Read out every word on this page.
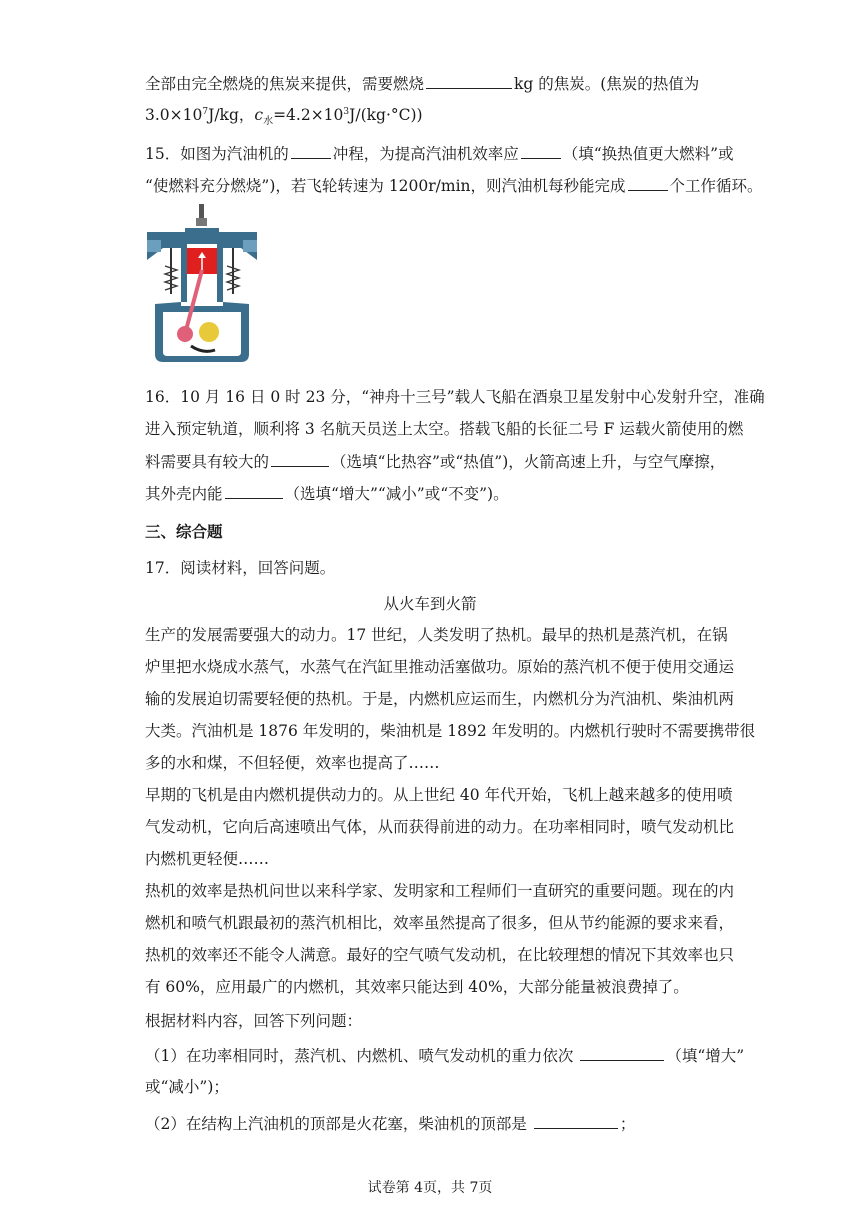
全部由完全燃烧的焦炭来提供，需要燃烧	kg 的焦炭。(焦炭的热值为
$3.0\times 10^7J/kg$，$c_水=4.2\times 10^3J/(kg\cdot^\circ C)$)
15．如图为汽油机的	冲程，为提高汽油机效率应	（填“换热值更大燃料”或
“使燃料充分燃烧”)，若飞轮转速为 1200r/min，则汽油机每秒能完成	个工作循环。
16．10 月 16 日 0 时 23 分，“神舟十三号”载人飞船在酒泉卫星发射中心发射升空，准确
进入预定轨道，顺利将 3 名航天员送上太空。搭载飞船的长征二号 F 运载火箭使用的燃
料需要具有较大的	（选填“比热容”或“热值”)，火箭高速上升，与空气摩擦，
其外壳内能	（选填“增大”“减小”或“不变”)。
三、综合题
17．阅读材料，回答问题。
从火车到火箭
生产的发展需要强大的动力。17 世纪，人类发明了热机。最早的热机是蒸汽机，在锅
炉里把水烧成水蒸气，水蒸气在汽缸里推动活塞做功。原始的蒸汽机不便于使用交通运
输的发展迫切需要轻便的热机。于是，内燃机应运而生，内燃机分为汽油机、柴油机两
大类。汽油机是 1876 年发明的，柴油机是 1892 年发明的。内燃机行驶时不需要携带很
多的水和煤，不但轻便，效率也提高了……
早期的飞机是由内燃机提供动力的。从上世纪 40 年代开始，飞机上越来越多的使用喷
气发动机，它向后高速喷出气体，从而获得前进的动力。在功率相同时，喷气发动机比
内燃机更轻便……
热机的效率是热机问世以来科学家、发明家和工程师们一直研究的重要问题。现在的内
燃机和喷气机跟最初的蒸汽机相比，效率虽然提高了很多，但从节约能源的要求来看，
热机的效率还不能令人满意。最好的空气喷气发动机，在比较理想的情况下其效率也只
有 60%，应用最广的内燃机，其效率只能达到 40%，大部分能量被浪费掉了。
根据材料内容，回答下列问题：
（1）在功率相同时，蒸汽机、内燃机、喷气发动机的重力依次	（填“增大”
或“减小”)；
（2）在结构上汽油机的顶部是火花塞，柴油机的顶部是	；
试卷第 4页，共 7页
